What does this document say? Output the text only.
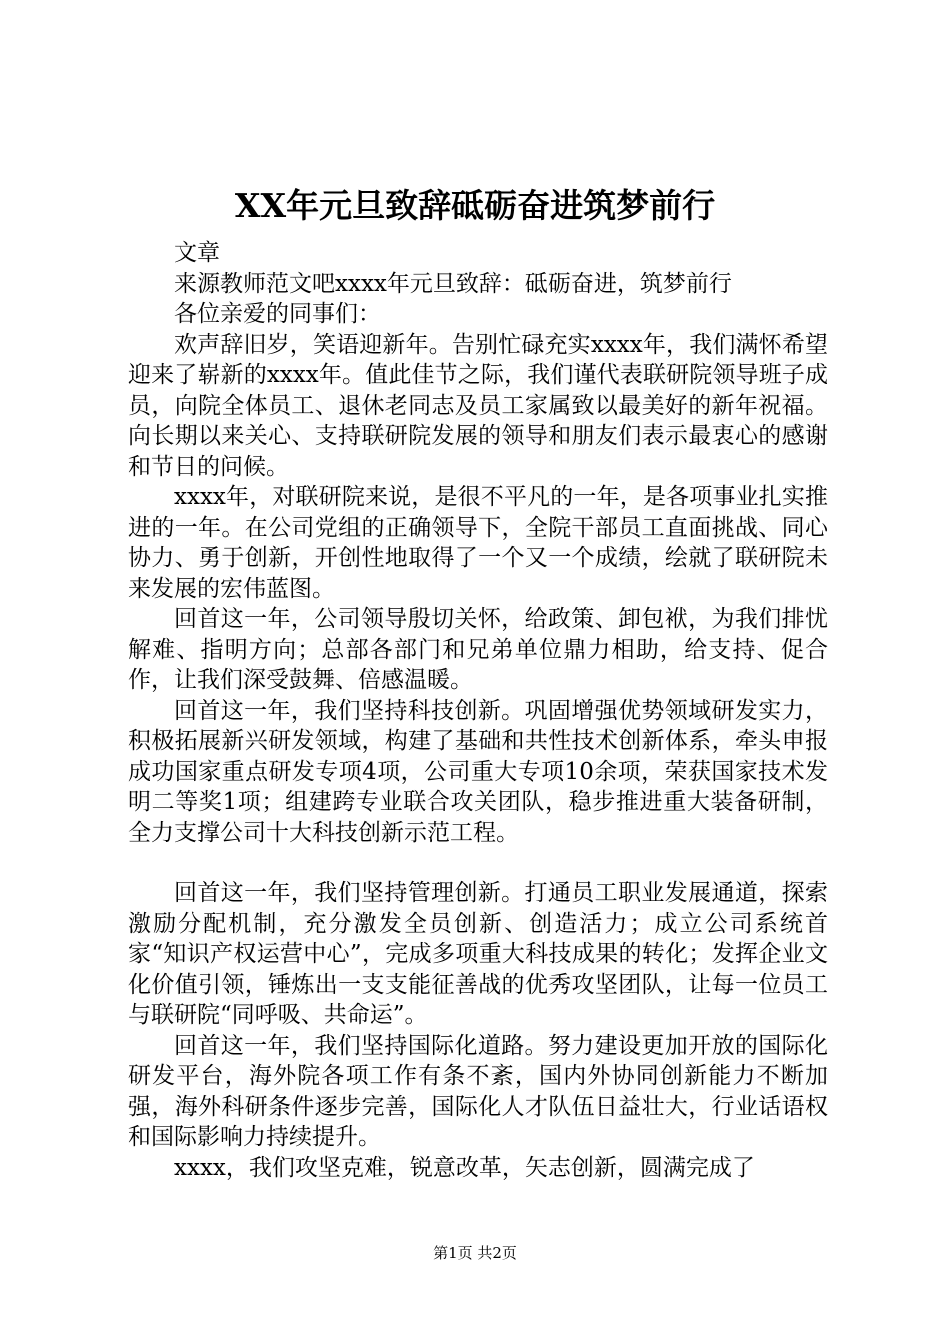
XX年元旦致辞砥砺奋进筑梦前行

文章

来源教师范文吧xxxx年元旦致辞：砥砺奋进，筑梦前行

各位亲爱的同事们：

欢声辞旧岁，笑语迎新年。告别忙碌充实xxxx年，我们满怀希望迎来了崭新的xxxx年。值此佳节之际，我们谨代表联研院领导班子成员，向院全体员工、退休老同志及员工家属致以最美好的新年祝福。向长期以来关心、支持联研院发展的领导和朋友们表示最衷心的感谢和节日的问候。

xxxx年，对联研院来说，是很不平凡的一年，是各项事业扎实推进的一年。在公司党组的正确领导下，全院干部员工直面挑战、同心协力、勇于创新，开创性地取得了一个又一个成绩，绘就了联研院未来发展的宏伟蓝图。

回首这一年，公司领导殷切关怀，给政策、卸包袱，为我们排忧解难、指明方向；总部各部门和兄弟单位鼎力相助，给支持、促合作，让我们深受鼓舞、倍感温暖。

回首这一年，我们坚持科技创新。巩固增强优势领域研发实力，积极拓展新兴研发领域，构建了基础和共性技术创新体系，牵头申报成功国家重点研发专项4项，公司重大专项10余项，荣获国家技术发明二等奖1项；组建跨专业联合攻关团队，稳步推进重大装备研制，全力支撑公司十大科技创新示范工程。

回首这一年，我们坚持管理创新。打通员工职业发展通道，探索激励分配机制，充分激发全员创新、创造活力；成立公司系统首家“知识产权运营中心”，完成多项重大科技成果的转化；发挥企业文化价值引领，锤炼出一支支能征善战的优秀攻坚团队，让每一位员工与联研院“同呼吸、共命运”。

回首这一年，我们坚持国际化道路。努力建设更加开放的国际化研发平台，海外院各项工作有条不紊，国内外协同创新能力不断加强，海外科研条件逐步完善，国际化人才队伍日益壮大，行业话语权和国际影响力持续提升。

xxxx，我们攻坚克难，锐意改革，矢志创新，圆满完成了

第1页 共2页
